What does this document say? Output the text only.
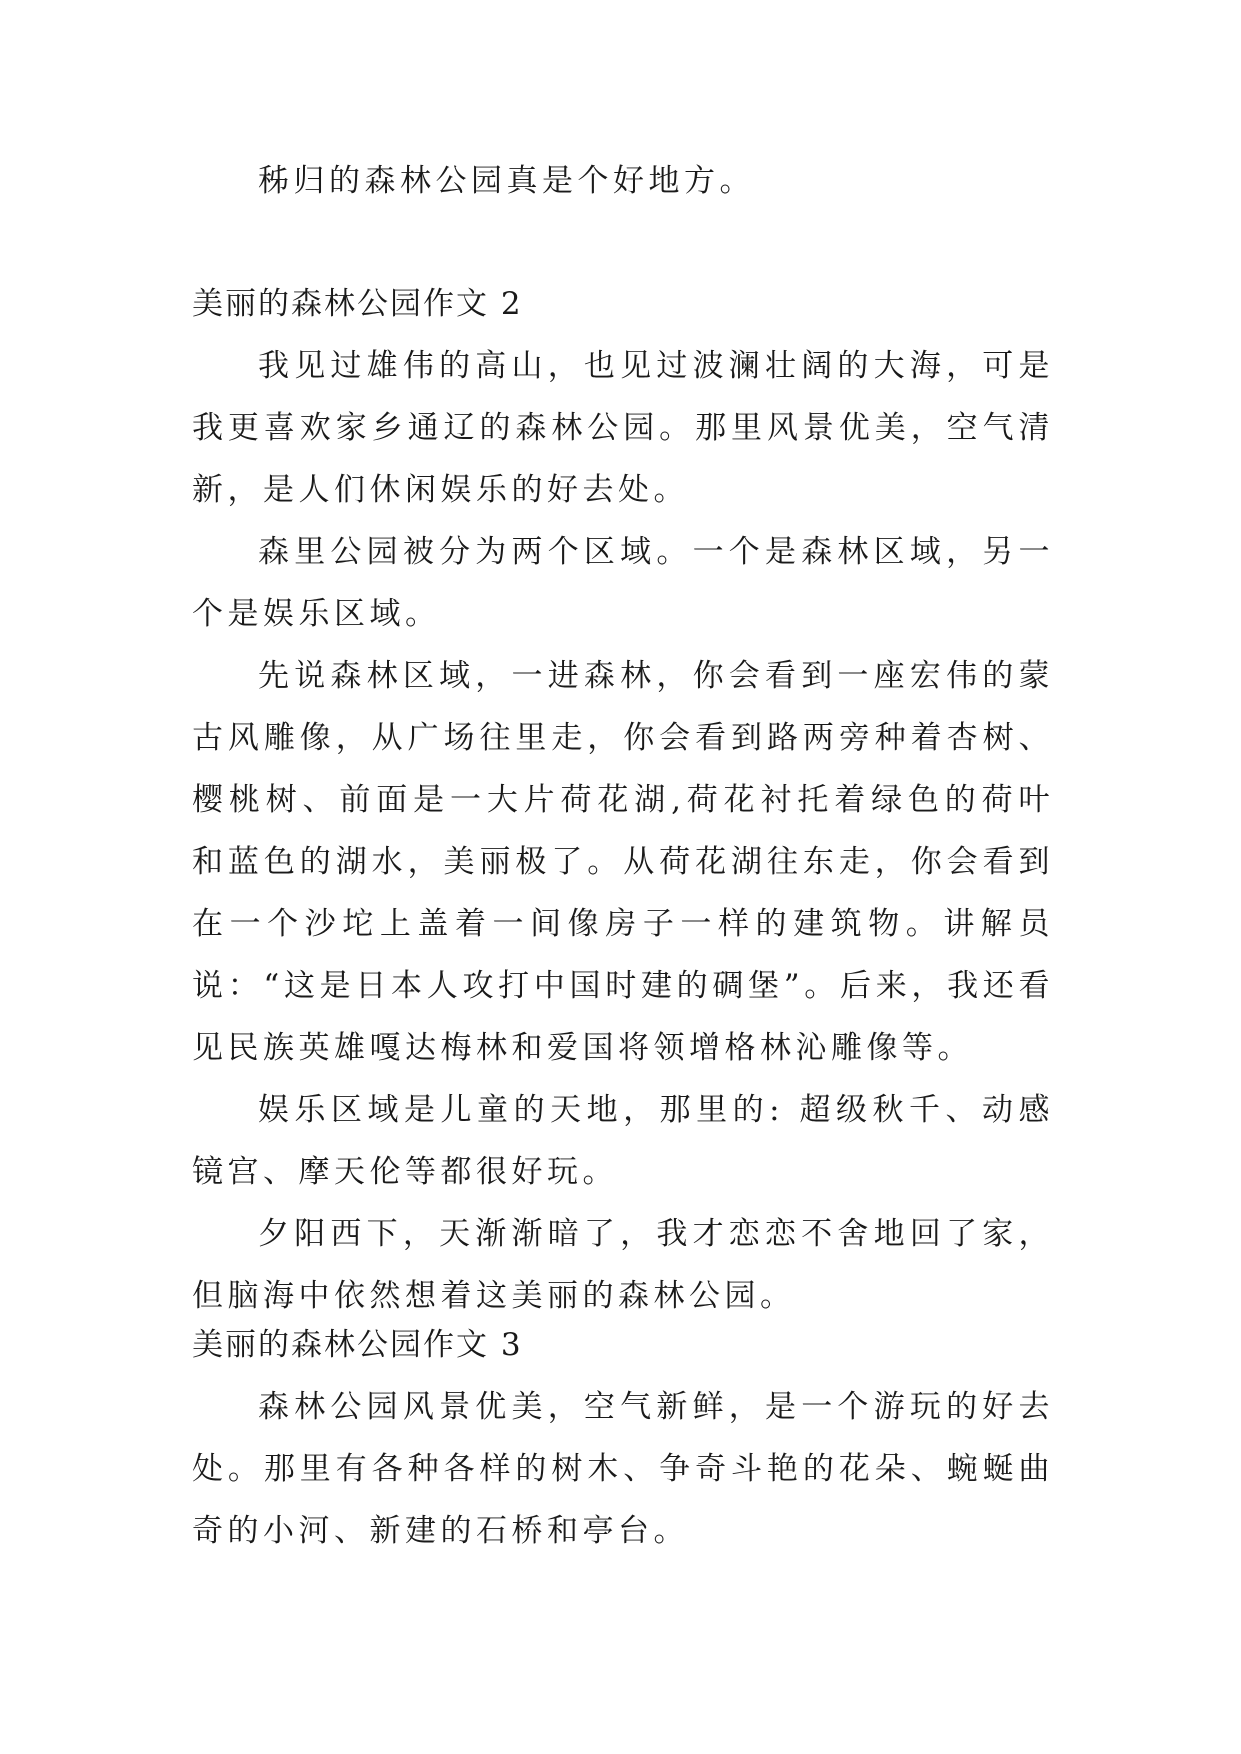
秭归的森林公园真是个好地方。

美丽的森林公园作文 2

我见过雄伟的高山，也见过波澜壮阔的大海，可是我更喜欢家乡通辽的森林公园。那里风景优美，空气清新，是人们休闲娱乐的好去处。

森里公园被分为两个区域。一个是森林区域，另一个是娱乐区域。

先说森林区域，一进森林，你会看到一座宏伟的蒙古风雕像，从广场往里走，你会看到路两旁种着杏树、樱桃树、前面是一大片荷花湖,荷花衬托着绿色的荷叶和蓝色的湖水，美丽极了。从荷花湖往东走，你会看到在一个沙坨上盖着一间像房子一样的建筑物。讲解员说：“这是日本人攻打中国时建的碉堡”。后来，我还看见民族英雄嘎达梅林和爱国将领增格林沁雕像等。

娱乐区域是儿童的天地，那里的: 超级秋千、动感镜宫、摩天伦等都很好玩。

夕阳西下，天渐渐暗了，我才恋恋不舍地回了家，但脑海中依然想着这美丽的森林公园。

美丽的森林公园作文 3

森林公园风景优美，空气新鲜，是一个游玩的好去处。那里有各种各样的树木、争奇斗艳的花朵、蜿蜒曲奇的小河、新建的石桥和亭台。
